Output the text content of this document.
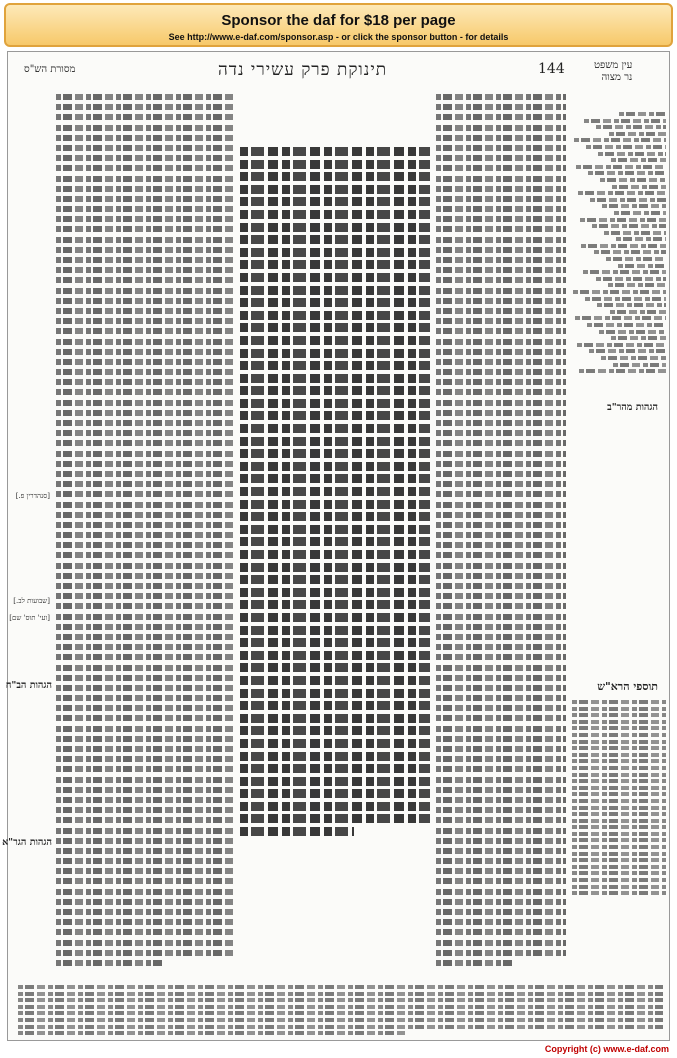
Sponsor the daf for $18 per page
See http://www.e-daf.com/sponsor.asp - or click the sponsor button - for details
מסורת הש"ס	תינוקת פרק עשירי נדה	144	עין משפט
נר מצוה
[סנהדרין פ.]
[שבועות לב.]
[ועי' תוס' שם]
הגהות הב"ח
הגהות הגר"א
הגהות מהר"ב
תוספי הרא"ש
Copyright (c) www.e-daf.com
